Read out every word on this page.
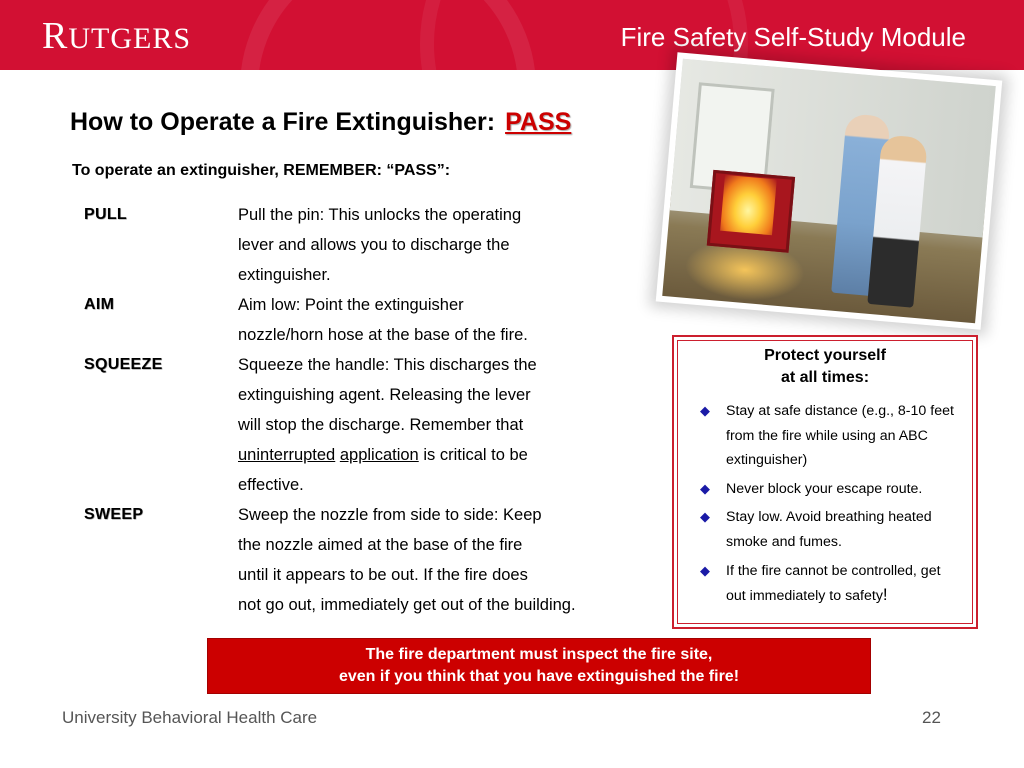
RUTGERS	Fire Safety Self-Study Module
How to Operate a Fire Extinguisher: PASS
To operate an extinguisher, REMEMBER: “PASS”:
PULL	Pull the pin: This unlocks the operating
lever and allows you to discharge the
extinguisher.
AIM	Aim low: Point the extinguisher
nozzle/horn hose at the base of the fire.
SQUEEZE	Squeeze the handle: This discharges the
extinguishing agent. Releasing the lever
will stop the discharge. Remember that
uninterrupted application is critical to be
effective.
SWEEP	Sweep the nozzle from side to side: Keep
the nozzle aimed at the base of the fire
until it appears to be out. If the fire does
not go out, immediately get out of the building.
Protect yourself
at all times:
◆ Stay at safe distance (e.g., 8-10 feet from the fire while using an ABC extinguisher)
◆ Never block your escape route.
◆ Stay low. Avoid breathing heated smoke and fumes.
◆ If the fire cannot be controlled, get out immediately to safety!
The fire department must inspect the fire site,
even if you think that you have extinguished the fire!
University Behavioral Health Care	22
